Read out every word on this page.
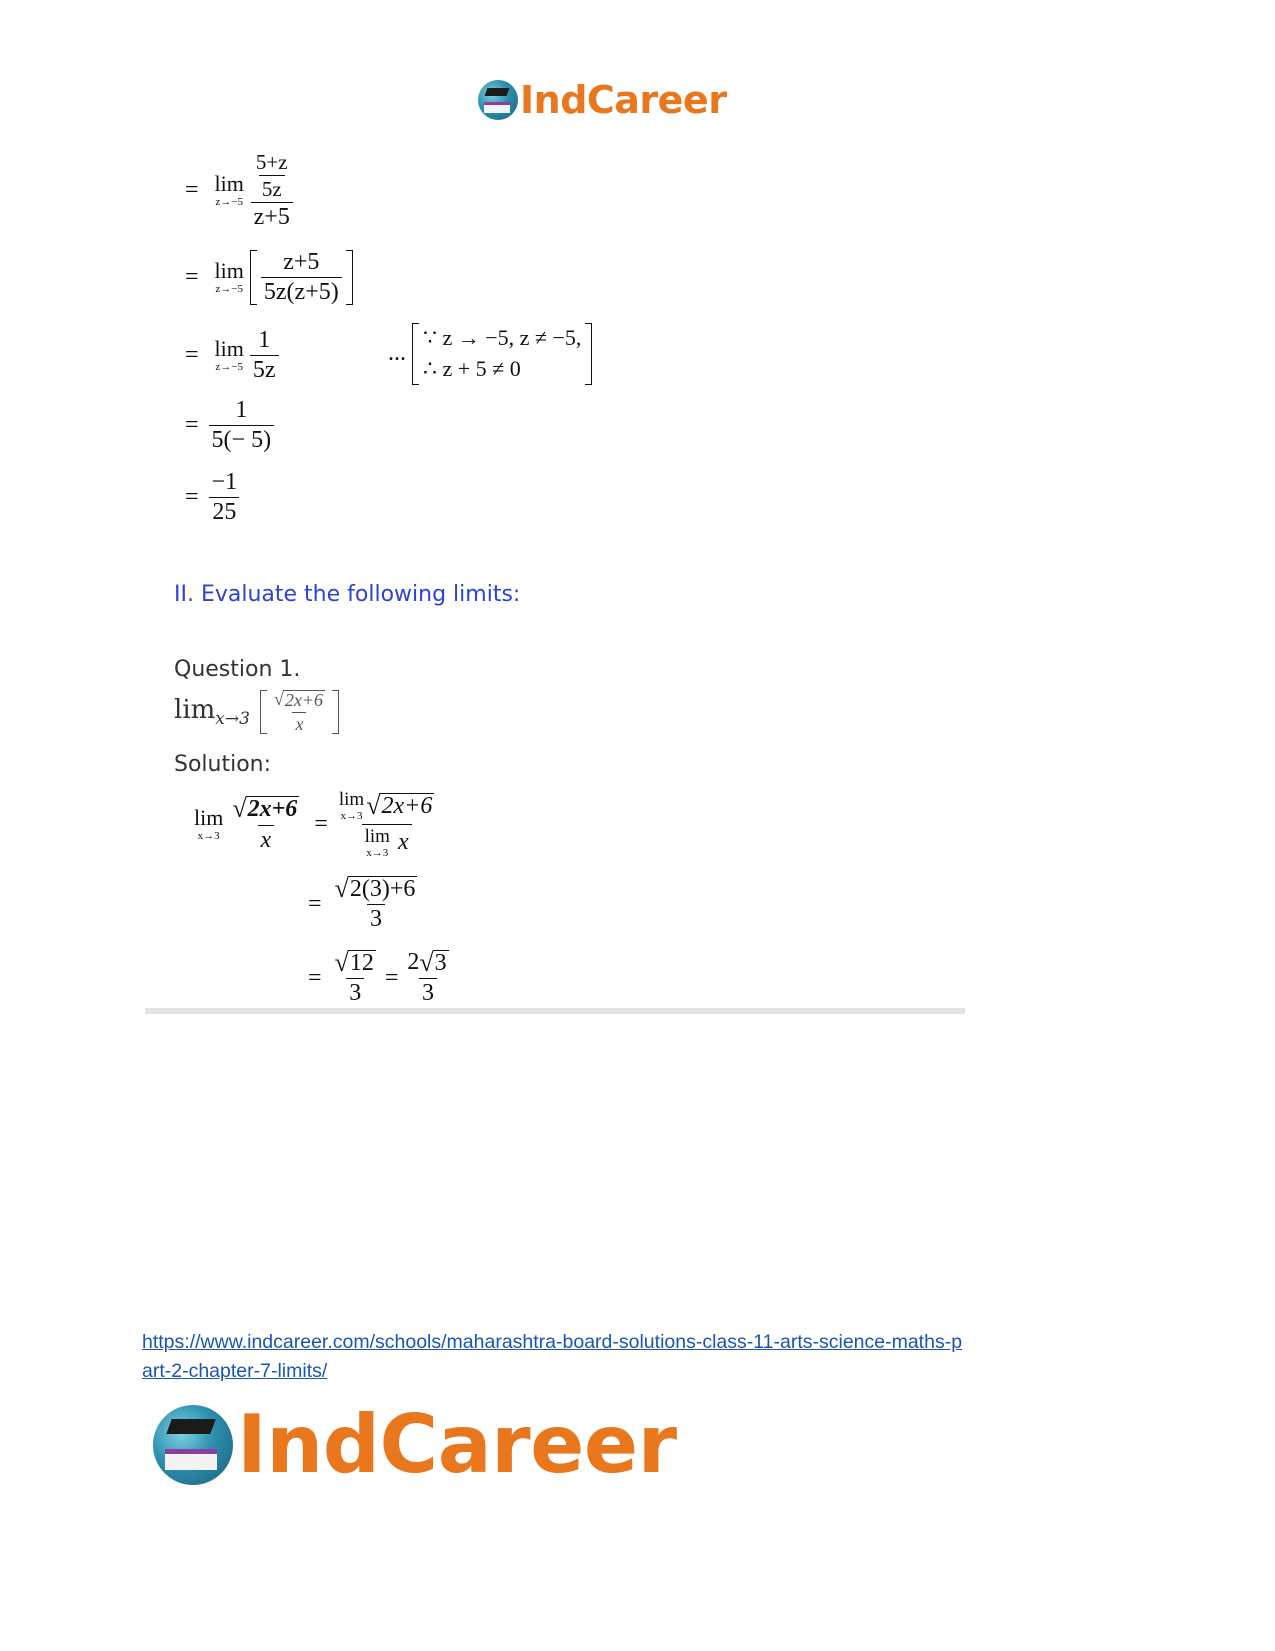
IndCareer
= lim
$z\to-5 \frac{\frac{5+z}{5z}}{z+5}$
= lim
$z\to-5 \frac{z+5}{5z(z+5)}$
= lim
$z\to-5 \frac{1}{5z}$	...
∵ z → −5, z ≠ −5,
∴ z + 5 ≠ 0
= $\frac{1}{5(- 5)}$
= $\frac{-1}{25}$
II. Evaluate the following limits:
Question 1.
$\lim_{x\to 3} \frac{√ 2x+6}{x}$
Solution:
lim
$x\to 3 \frac{√ 2x+6}{x} = \lim$
x→3 √ 2x+6
lim
x→3 x
= $\frac{√ 2(3)+6}{3}$
= $\frac{√ 12}{3} = \frac{2 √ 3}{3}$
https://www.indcareer.com/schools/maharashtra-board-solutions-class-11-arts-science-maths-p
art-2-chapter-7-limits/
IndCareer
